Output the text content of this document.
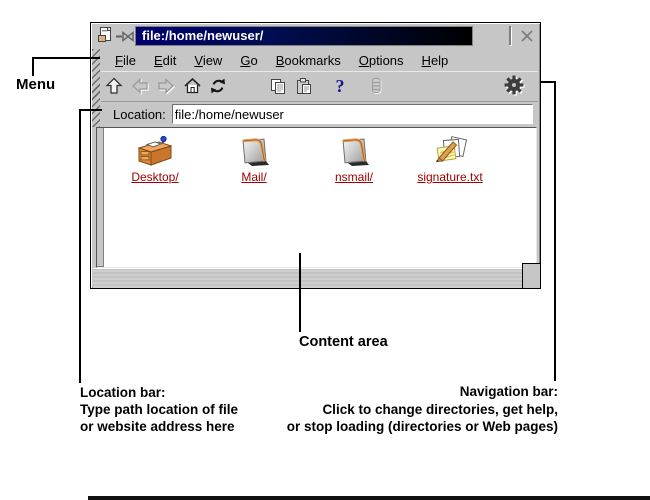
file:/home/newuser/
File Edit View Go Bookmarks Options Help
?
Location:
file:/home/newuser
Desktop/	Mail/	nsmail/	signature.txt
Menu
Location bar:
Type path location of file
or website address here
Content area
Navigation bar:
Click to change directories, get help,
or stop loading (directories or Web pages)
